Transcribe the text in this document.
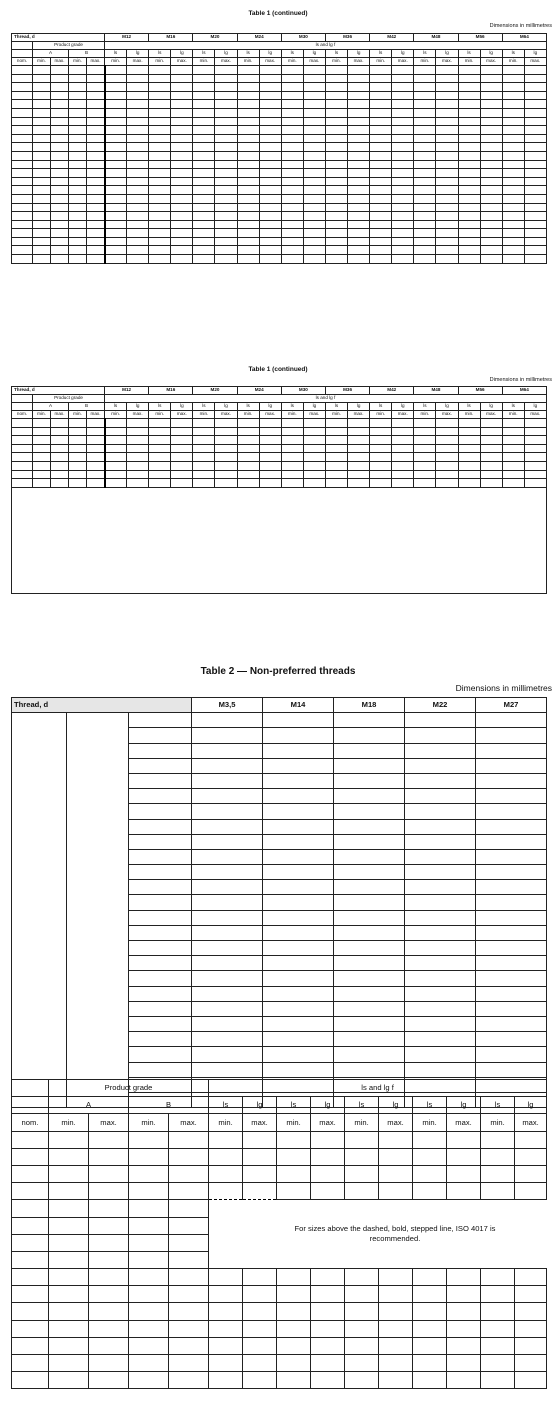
Table 1 (continued)
Dimensions in millimetres
Thread, d					M12		M16		M20		M24		M30		M36		M42		M48		M56		M64	
	Product grade				ls and lg f																			
	A		B		ls	lg	ls	lg	ls	lg	ls	lg	ls	lg	ls	lg	ls	lg	ls	lg	ls	lg	ls	lg
nom.	min.	max.	min.	max.	min.	max.	min.	max.	min.	max.	min.	max.	min.	max.	min.	max.	min.	max.	min.	max.	min.	max.	min.	max.

Table 1 (continued)
Dimensions in millimetres
Thread, d					M12		M16		M20		M24		M30		M36		M42		M48		M56		M64	
	Product grade				ls and lg f																			
	A		B		ls	lg	ls	lg	ls	lg	ls	lg	ls	lg	ls	lg	ls	lg	ls	lg	ls	lg	ls	lg
nom.	min.	max.	min.	max.	min.	max.	min.	max.	min.	max.	min.	max.	min.	max.	min.	max.	min.	max.	min.	max.	min.	max.	min.	max.

Table 2 — Non-preferred threads
Dimensions in millimetres
Thread, d			M3,5	M14	M18	M22	M27

	Product grade				ls and lg f									
	A		B		ls	lg	ls	lg	ls	lg	ls	lg	ls	lg
nom.	min.	max.	min.	max.	min.	max.	min.	max.	min.	max.	min.	max.	min.	max.

For sizes above the dashed, bold, stepped line, ISO 4017 is recommended.
